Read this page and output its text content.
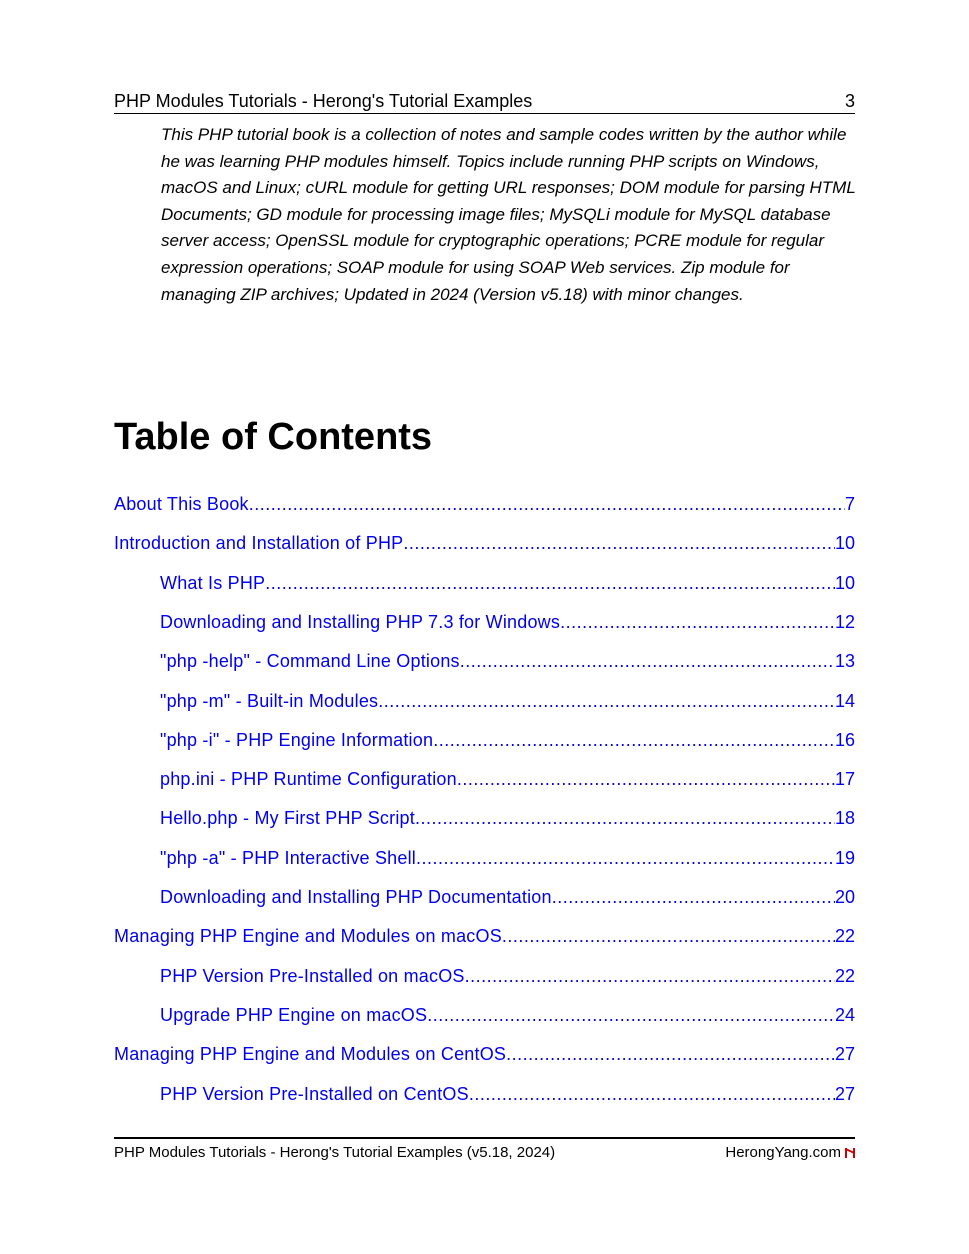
PHP Modules Tutorials - Herong's Tutorial Examples	3
This PHP tutorial book is a collection of notes and sample codes written by the author while he was learning PHP modules himself. Topics include running PHP scripts on Windows, macOS and Linux; cURL module for getting URL responses; DOM module for parsing HTML Documents; GD module for processing image files; MySQLi module for MySQL database server access; OpenSSL module for cryptographic operations; PCRE module for regular expression operations; SOAP module for using SOAP Web services. Zip module for managing ZIP archives; Updated in 2024 (Version v5.18) with minor changes.
Table of Contents
About This Book .....	7
Introduction and Installation of PHP .....	10
What Is PHP .....	10
Downloading and Installing PHP 7.3 for Windows .....	12
"php -help" - Command Line Options .....	13
"php -m" - Built-in Modules .....	14
"php -i" - PHP Engine Information .....	16
php.ini - PHP Runtime Configuration .....	17
Hello.php - My First PHP Script .....	18
"php -a" - PHP Interactive Shell .....	19
Downloading and Installing PHP Documentation .....	20
Managing PHP Engine and Modules on macOS .....	22
PHP Version Pre-Installed on macOS .....	22
Upgrade PHP Engine on macOS .....	24
Managing PHP Engine and Modules on CentOS .....	27
PHP Version Pre-Installed on CentOS .....	27
PHP Modules Tutorials - Herong's Tutorial Examples (v5.18, 2024)	HerongYang.com
